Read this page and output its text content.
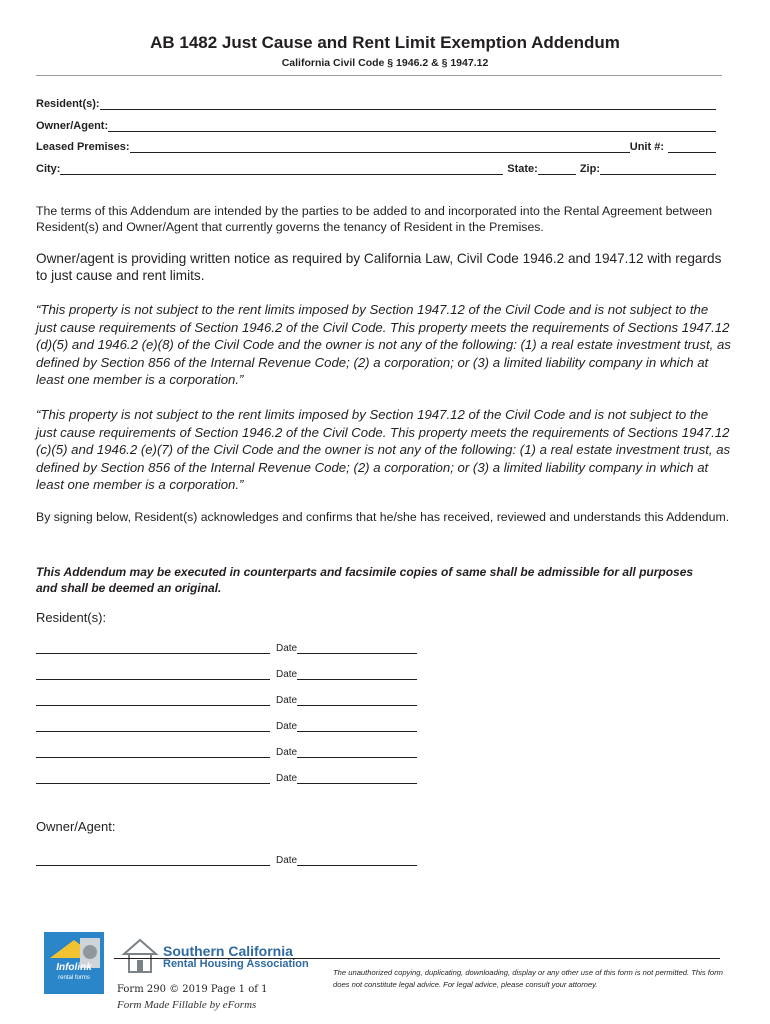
AB 1482 Just Cause and Rent Limit Exemption Addendum
California Civil Code § 1946.2 & § 1947.12
Resident(s):
Owner/Agent:
Leased Premises:	Unit #:
City:	State:	Zip:
The terms of this Addendum are intended by the parties to be added to and incorporated into the Rental Agreement between Resident(s) and Owner/Agent that currently governs the tenancy of Resident in the Premises.
Owner/agent is providing written notice as required by California Law, Civil Code 1946.2 and 1947.12 with regards to just cause and rent limits.
“This property is not subject to the rent limits imposed by Section 1947.12 of the Civil Code and is not subject to the just cause requirements of Section 1946.2 of the Civil Code. This property meets the requirements of Sections 1947.12 (d)(5) and 1946.2 (e)(8) of the Civil Code and the owner is not any of the following: (1) a real estate investment trust, as defined by Section 856 of the Internal Revenue Code; (2) a corporation; or (3) a limited liability company in which at least one member is a corporation.”
“This property is not subject to the rent limits imposed by Section 1947.12 of the Civil Code and is not subject to the just cause requirements of Section 1946.2 of the Civil Code. This property meets the requirements of Sections 1947.12 (c)(5) and 1946.2 (e)(7) of the Civil Code and the owner is not any of the following: (1) a real estate investment trust, as defined by Section 856 of the Internal Revenue Code; (2) a corporation; or (3) a limited liability company in which at least one member is a corporation.”
By signing below, Resident(s) acknowledges and confirms that he/she has received, reviewed and understands this Addendum.
This Addendum may be executed in counterparts and facsimile copies of same shall be admissible for all purposes and shall be deemed an original.
Resident(s):
Date
Date
Date
Date
Date
Date
Owner/Agent:
Date
Infolink
rental forms
Southern California
Rental Housing Association
Form 290 © 2019 Page 1 of 1
Form Made Fillable by eForms
The unauthorized copying, duplicating, downloading, display or any other use of this form is not permitted. This form does not constitute legal advice. For legal advice, please consult your attorney.
